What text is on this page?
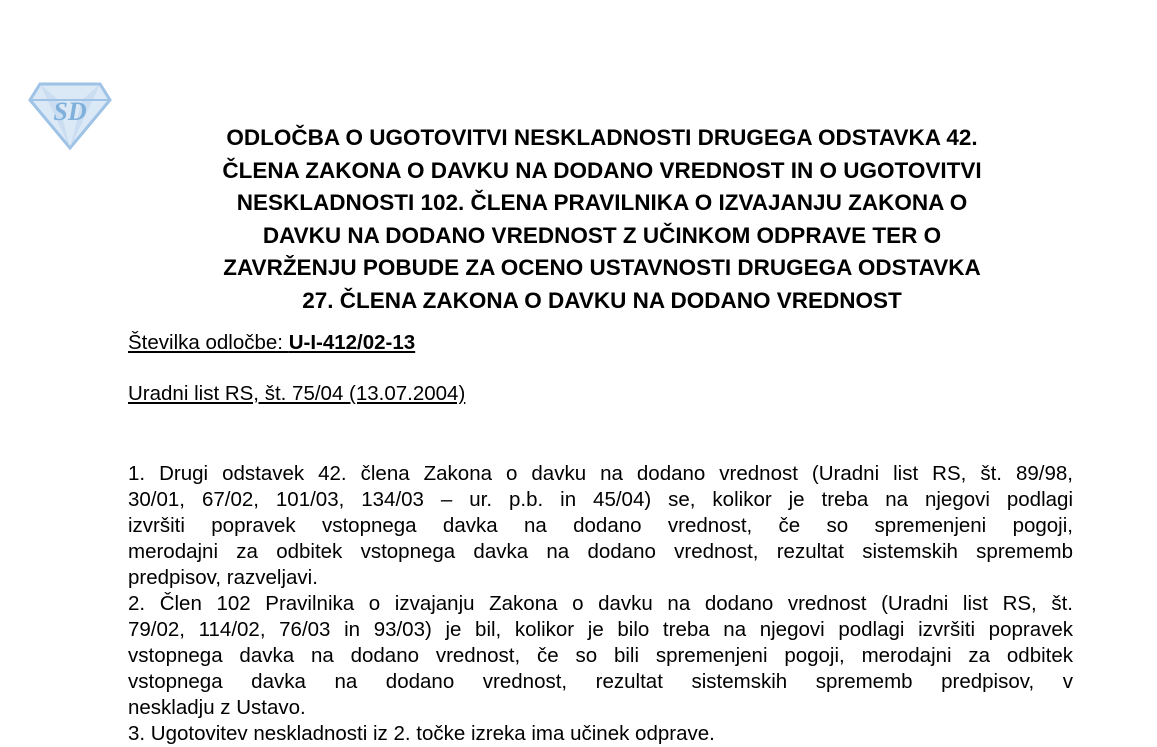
SD
ODLOČBA O UGOTOVITVI NESKLADNOSTI DRUGEGA ODSTAVKA 42.
ČLENA ZAKONA O DAVKU NA DODANO VREDNOST IN O UGOTOVITVI
NESKLADNOSTI 102. ČLENA PRAVILNIKA O IZVAJANJU ZAKONA O
DAVKU NA DODANO VREDNOST Z UČINKOM ODPRAVE TER O
ZAVRŽENJU POBUDE ZA OCENO USTAVNOSTI DRUGEGA ODSTAVKA
27. ČLENA ZAKONA O DAVKU NA DODANO VREDNOST
Številka odločbe: U-I-412/02-13
Uradni list RS, št. 75/04 (13.07.2004)
1. Drugi odstavek 42. člena Zakona o davku na dodano vrednost (Uradni list RS, št. 89/98,
30/01, 67/02, 101/03, 134/03 – ur. p.b. in 45/04) se, kolikor je treba na njegovi podlagi
izvršiti popravek vstopnega davka na dodano vrednost, če so spremenjeni pogoji,
merodajni za odbitek vstopnega davka na dodano vrednost, rezultat sistemskih sprememb
predpisov, razveljavi.
2. Člen 102 Pravilnika o izvajanju Zakona o davku na dodano vrednost (Uradni list RS, št.
79/02, 114/02, 76/03 in 93/03) je bil, kolikor je bilo treba na njegovi podlagi izvršiti popravek
vstopnega davka na dodano vrednost, če so bili spremenjeni pogoji, merodajni za odbitek
vstopnega davka na dodano vrednost, rezultat sistemskih sprememb predpisov, v
neskladju z Ustavo.
3. Ugotovitev neskladnosti iz 2. točke izreka ima učinek odprave.
